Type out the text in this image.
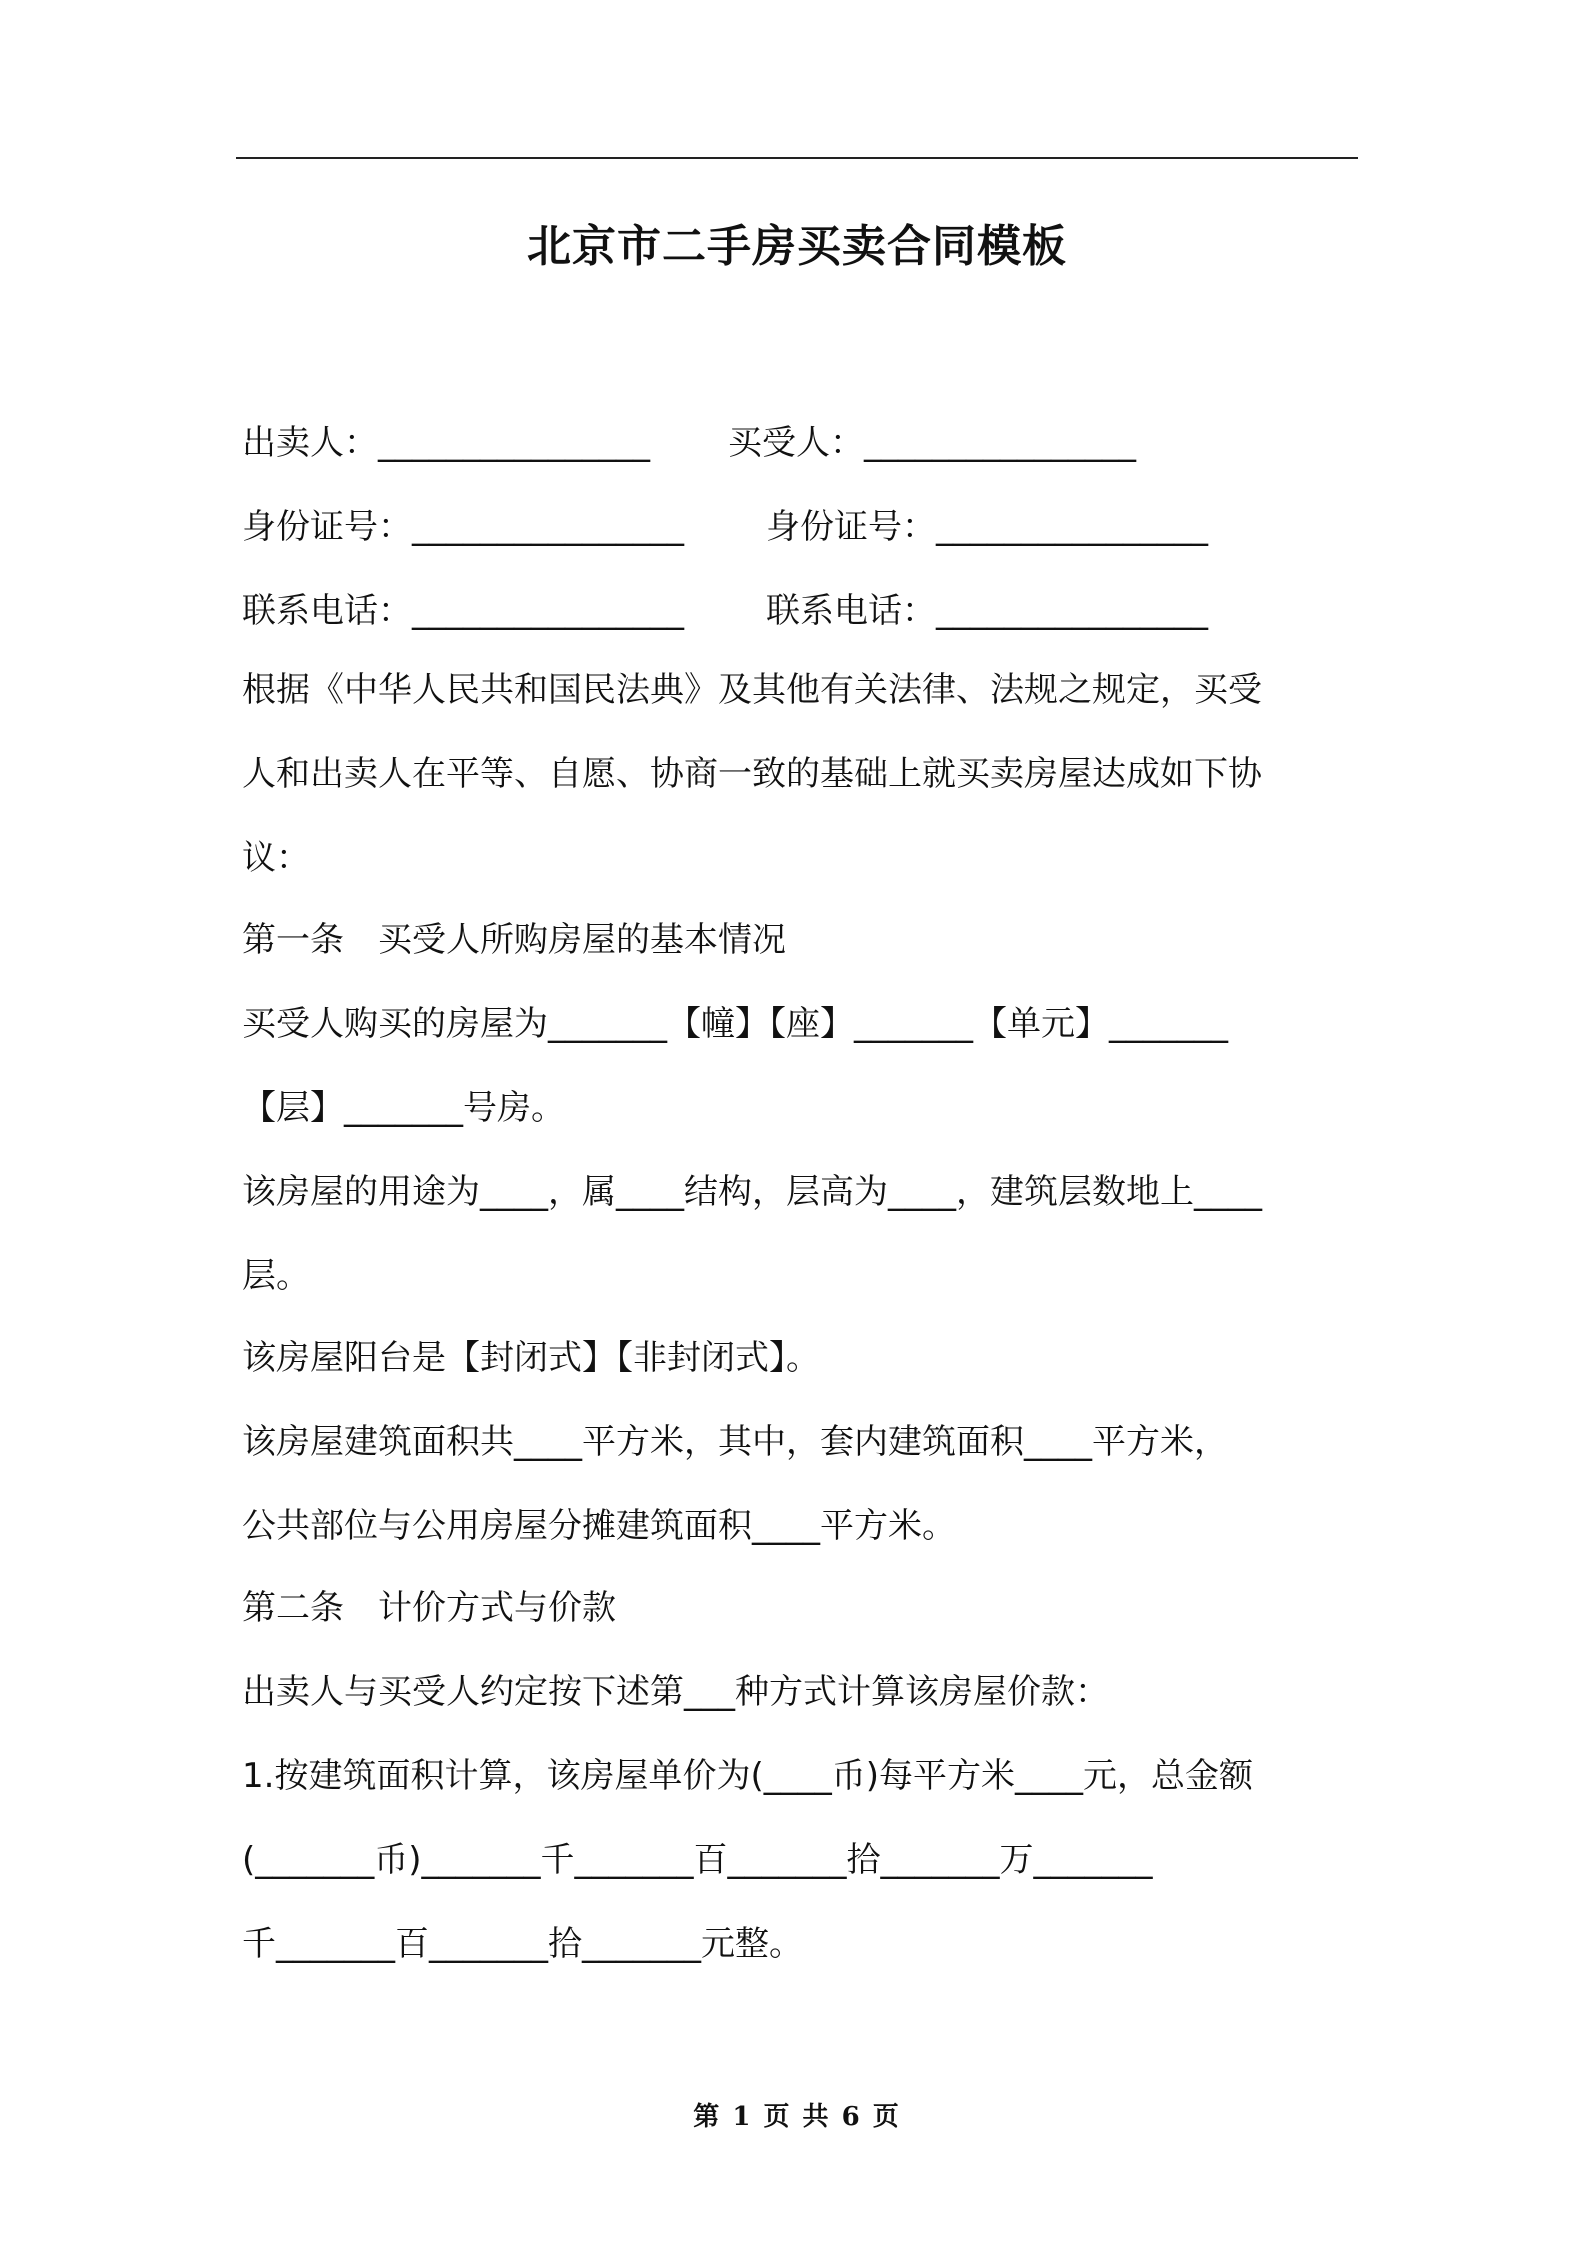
北京市二手房买卖合同模板
出卖人：________________ 买受人：________________
身份证号：________________ 身份证号：________________
联系电话：________________ 联系电话：________________
根据《中华人民共和国民法典》及其他有关法律、法规之规定，买受
人和出卖人在平等、自愿、协商一致的基础上就买卖房屋达成如下协
议：
第一条　买受人所购房屋的基本情况
买受人购买的房屋为_______【幢】【座】_______【单元】_______
【层】_______号房。
该房屋的用途为____，属____结构，层高为____，建筑层数地上____
层。
该房屋阳台是【封闭式】【非封闭式】。
该房屋建筑面积共____平方米，其中，套内建筑面积____平方米，
公共部位与公用房屋分摊建筑面积____平方米。
第二条　计价方式与价款
出卖人与买受人约定按下述第___种方式计算该房屋价款：
1.按建筑面积计算，该房屋单价为(____币)每平方米____元，总金额
(_______币)_______千_______百_______拾_______万_______
千_______百_______拾_______元整。
第 1 页 共 6 页
